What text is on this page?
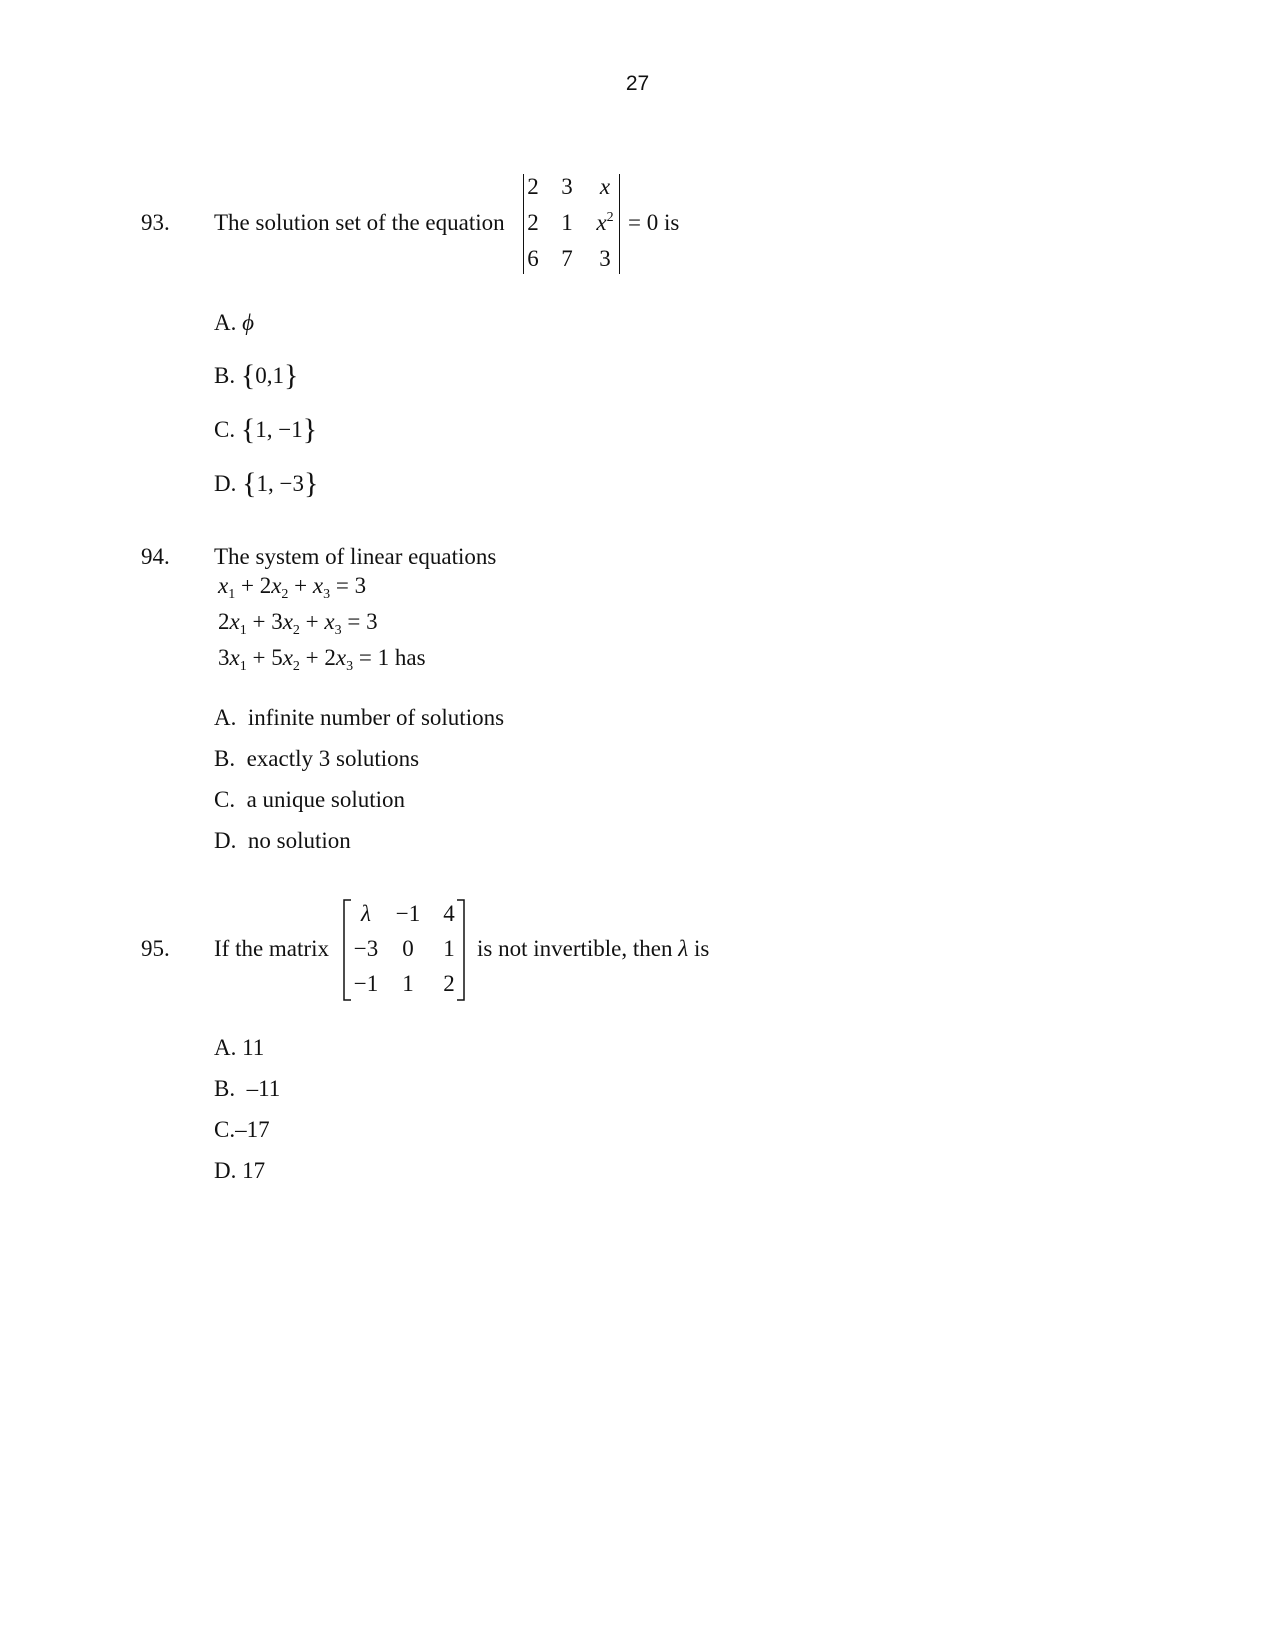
27
93. The solution set of the equation
2 3	x
2 1	$x^2$
6 7	3
= 0 is
A. ϕ
B. {0,1}
C. {1, −1}
D. {1, −3}
94. The system of linear equations
$x_1 + 2x_2 + x_3 = 3$
$2x_1 + 3x_2 + x_3 = 3$
$3x_1 + 5x_2 + 2x_3 = 1$ has
A. infinite number of solutions
B. exactly 3 solutions
C. a unique solution
D. no solution
95. If the matrix
λ	−1	4
−3	0	1
−1	1	2
is not invertible, then λ is
A. 11
B. –11
C.–17
D. 17
